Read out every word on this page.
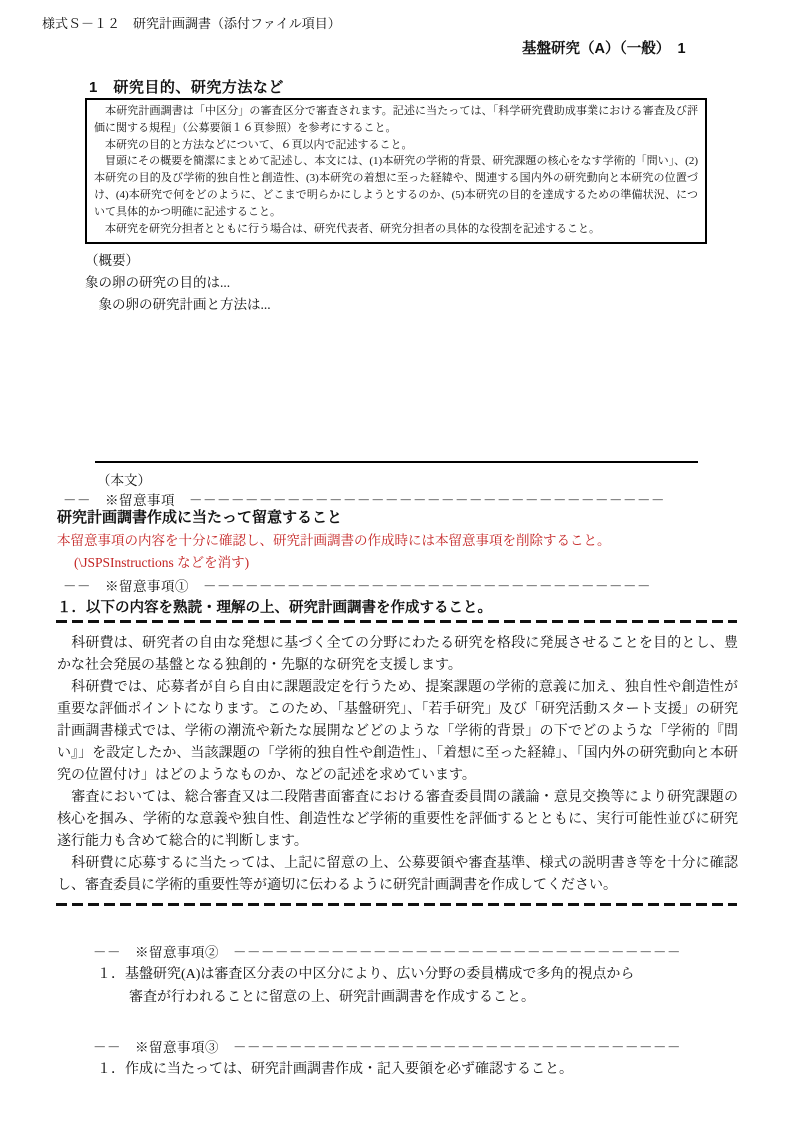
様式Ｓ－１２　研究計画調書（添付ファイル項目）
基盤研究（A）（一般）　1
1　研究目的、研究方法など

　本研究計画調書は「中区分」の審査区分で審査されます。記述に当たっては、「科学研究費助成事業における審査及び評価に関する規程」（公募要領１６頁参照）を参考にすること。

　本研究の目的と方法などについて、６頁以内で記述すること。

　冒頭にその概要を簡潔にまとめて記述し、本文には、(1)本研究の学術的背景、研究課題の核心をなす学術的「問い」、(2)本研究の目的及び学術的独自性と創造性、(3)本研究の着想に至った経緯や、関連する国内外の研究動向と本研究の位置づけ、(4)本研究で何をどのように、どこまで明らかにしようとするのか、(5)本研究の目的を達成するための準備状況、について具体的かつ明確に記述すること。

　本研究を研究分担者とともに行う場合は、研究代表者、研究分担者の具体的な役割を記述すること。

（概要）
象の卵の研究の目的は...
　象の卵の研究計画と方法は...
（本文）
－－　※留意事項　－－－－－－－－－－－－－－－－－－－－－－－－－－－－－－－－－－
研究計画調書作成に当たって留意すること
本留意事項の内容を十分に確認し、研究計画調書の作成時には本留意事項を削除すること。
(\JSPSInstructions などを消す)
－－　※留意事項①　－－－－－－－－－－－－－－－－－－－－－－－－－－－－－－－－
１．以下の内容を熟読・理解の上、研究計画調書を作成すること。

　科研費は、研究者の自由な発想に基づく全ての分野にわたる研究を格段に発展させることを目的とし、豊かな社会発展の基盤となる独創的・先駆的な研究を支援します。

　科研費では、応募者が自ら自由に課題設定を行うため、提案課題の学術的意義に加え、独自性や創造性が重要な評価ポイントになります。このため、「基盤研究」、「若手研究」及び「研究活動スタート支援」の研究計画調書様式では、学術の潮流や新たな展開などどのような「学術的背景」の下でどのような「学術的『問い』」を設定したか、当該課題の「学術的独自性や創造性」、「着想に至った経緯」、「国内外の研究動向と本研究の位置付け」はどのようなものか、などの記述を求めています。

　審査においては、総合審査又は二段階書面審査における審査委員間の議論・意見交換等により研究課題の核心を掴み、学術的な意義や独自性、創造性など学術的重要性を評価するとともに、実行可能性並びに研究遂行能力も含めて総合的に判断します。

　科研費に応募するに当たっては、上記に留意の上、公募要領や審査基準、様式の説明書き等を十分に確認し、審査委員に学術的重要性等が適切に伝わるように研究計画調書を作成してください。

－－　※留意事項②　－－－－－－－－－－－－－－－－－－－－－－－－－－－－－－－－
１．基盤研究(A)は審査区分表の中区分により、広い分野の委員構成で多角的視点から
審査が行われることに留意の上、研究計画調書を作成すること。
－－　※留意事項③　－－－－－－－－－－－－－－－－－－－－－－－－－－－－－－－－
１．作成に当たっては、研究計画調書作成・記入要領を必ず確認すること。
